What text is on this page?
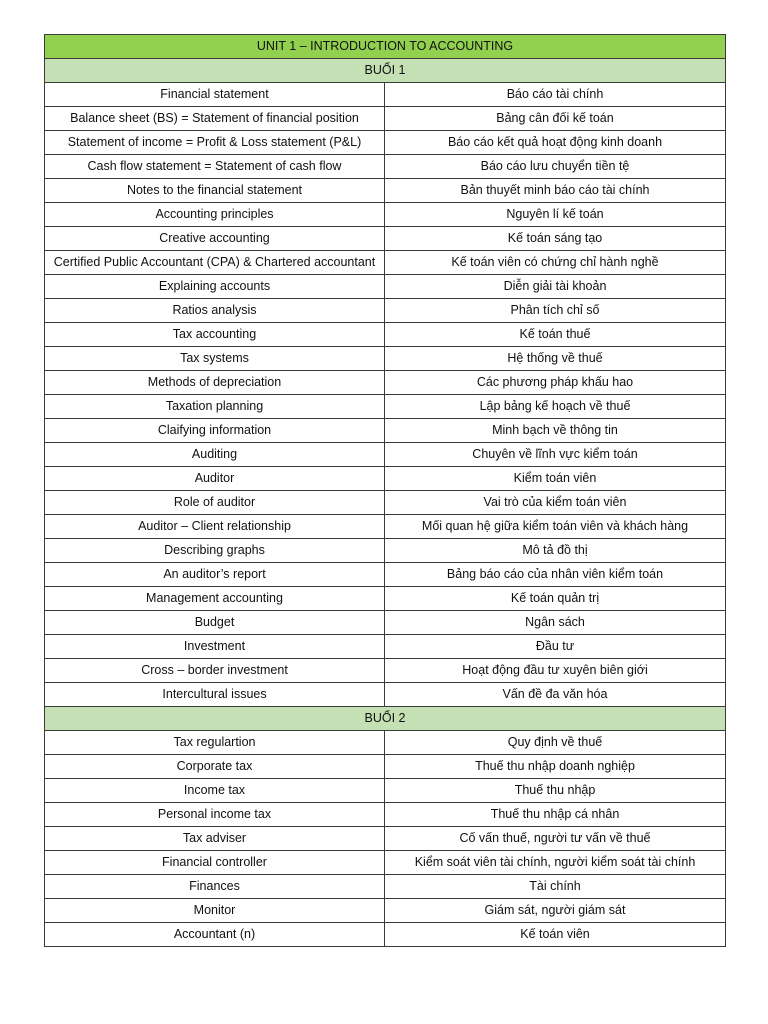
UNIT 1 – INTRODUCTION TO ACCOUNTING	
BUỔI 1	
Financial statement	Báo cáo tài chính
Balance sheet (BS) = Statement of financial position	Bảng cân đối kế toán
Statement of income = Profit & Loss statement (P&L)	Báo cáo kết quả hoạt động kinh doanh
Cash flow statement = Statement of cash flow	Báo cáo lưu chuyển tiền tệ
Notes to the financial statement	Bản thuyết minh báo cáo tài chính
Accounting principles	Nguyên lí kế toán
Creative accounting	Kế toán sáng tạo
Certified Public Accountant (CPA) & Chartered accountant	Kế toán viên có chứng chỉ hành nghề
Explaining accounts	Diễn giải tài khoản
Ratios analysis	Phân tích chỉ số
Tax accounting	Kế toán thuế
Tax systems	Hệ thống về thuế
Methods of depreciation	Các phương pháp khấu hao
Taxation planning	Lập bảng kế hoạch về thuế
Claifying information	Minh bạch về thông tin
Auditing	Chuyên về lĩnh vực kiểm toán
Auditor	Kiểm toán viên
Role of auditor	Vai trò của kiểm toán viên
Auditor – Client relationship	Mối quan hệ giữa kiểm toán viên và khách hàng
Describing graphs	Mô tả đồ thị
An auditor’s report	Bảng báo cáo của nhân viên kiểm toán
Management accounting	Kế toán quản trị
Budget	Ngân sách
Investment	Đầu tư
Cross – border investment	Hoạt động đầu tư xuyên biên giới
Intercultural issues	Vấn đề đa văn hóa
BUỔI 2	
Tax regulartion	Quy định về thuế
Corporate tax	Thuế thu nhập doanh nghiệp
Income tax	Thuế thu nhập
Personal income tax	Thuế thu nhập cá nhân
Tax adviser	Cố vấn thuế, người tư vấn về thuế
Financial controller	Kiểm soát viên tài chính, người kiểm soát tài chính
Finances	Tài chính
Monitor	Giám sát, người giám sát
Accountant (n)	Kế toán viên
